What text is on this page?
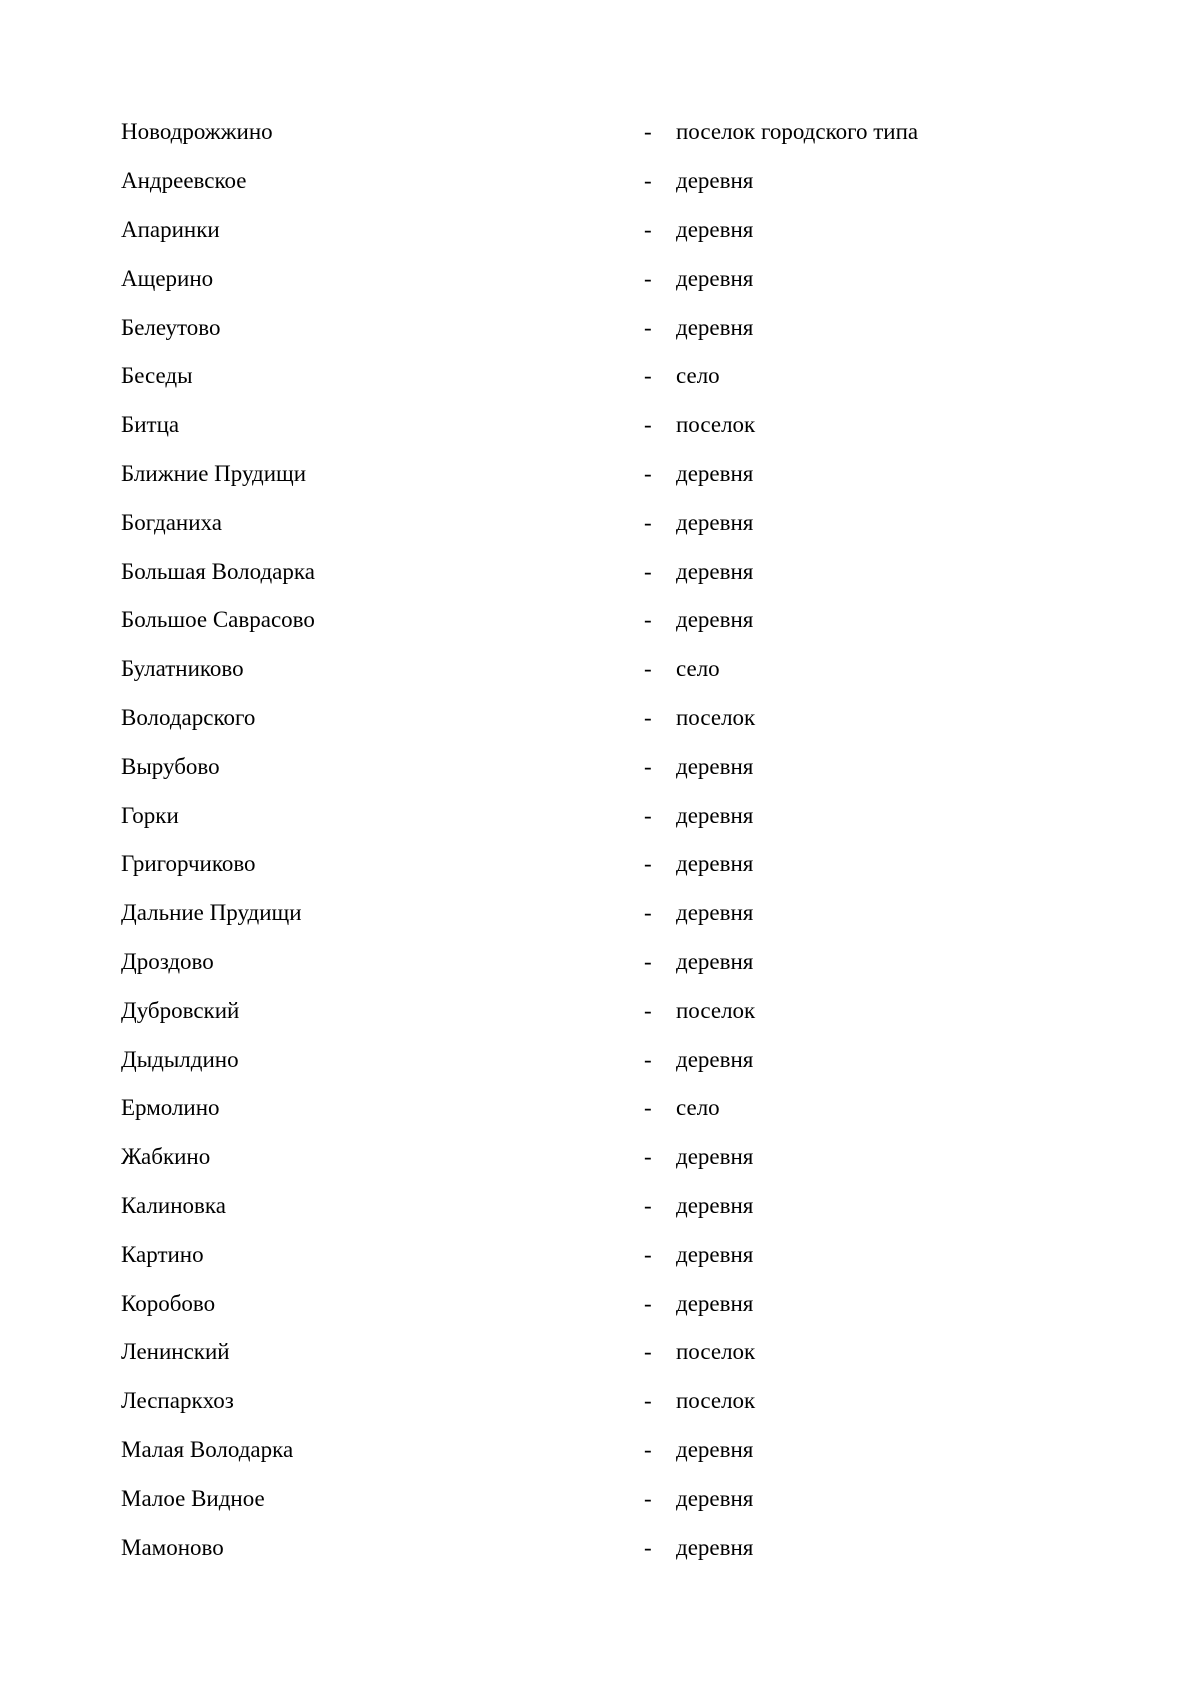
Новодрожжино	-	поселок городского типа
Андреевское	-	деревня
Апаринки	-	деревня
Ащерино	-	деревня
Белеутово	-	деревня
Беседы	-	село
Битца	-	поселок
Ближние Прудищи	-	деревня
Богданиха	-	деревня
Большая Володарка	-	деревня
Большое Саврасово	-	деревня
Булатниково	-	село
Володарского	-	поселок
Вырубово	-	деревня
Горки	-	деревня
Григорчиково	-	деревня
Дальние Прудищи	-	деревня
Дроздово	-	деревня
Дубровский	-	поселок
Дыдылдино	-	деревня
Ермолино	-	село
Жабкино	-	деревня
Калиновка	-	деревня
Картино	-	деревня
Коробово	-	деревня
Ленинский	-	поселок
Леспаркхоз	-	поселок
Малая Володарка	-	деревня
Малое Видное	-	деревня
Мамоново	-	деревня
